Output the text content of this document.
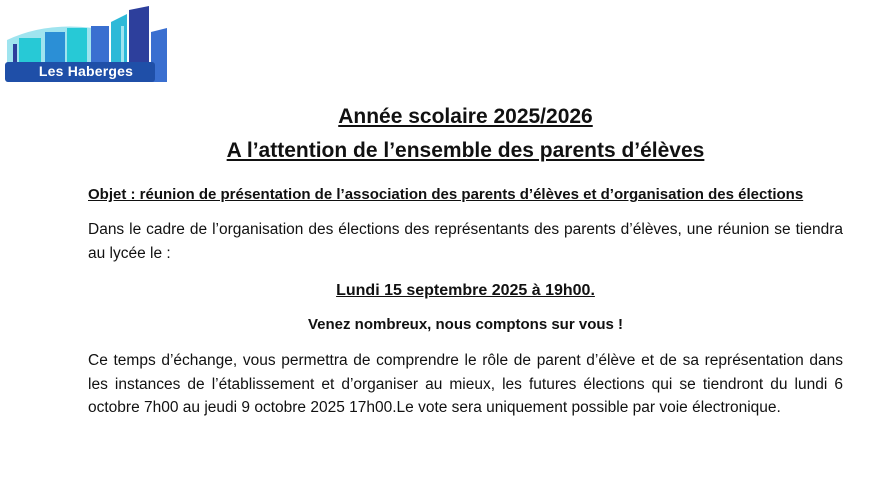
Les Haberges
Année scolaire 2025/2026
A l’attention de l’ensemble des parents d’élèves
Objet : réunion de présentation de l’association des parents d’élèves et d’organisation des élections
Dans le cadre de l’organisation des élections des représentants des parents d’élèves, une réunion se tiendra au lycée le :
Lundi 15 septembre 2025 à 19h00.
Venez nombreux, nous comptons sur vous !
Ce temps d’échange, vous permettra de comprendre le rôle de parent d’élève et de sa représentation dans les instances de l’établissement et d’organiser au mieux, les futures élections qui se tiendront du lundi 6 octobre 7h00 au jeudi 9 octobre 2025 17h00.Le vote sera uniquement possible par voie électronique.
